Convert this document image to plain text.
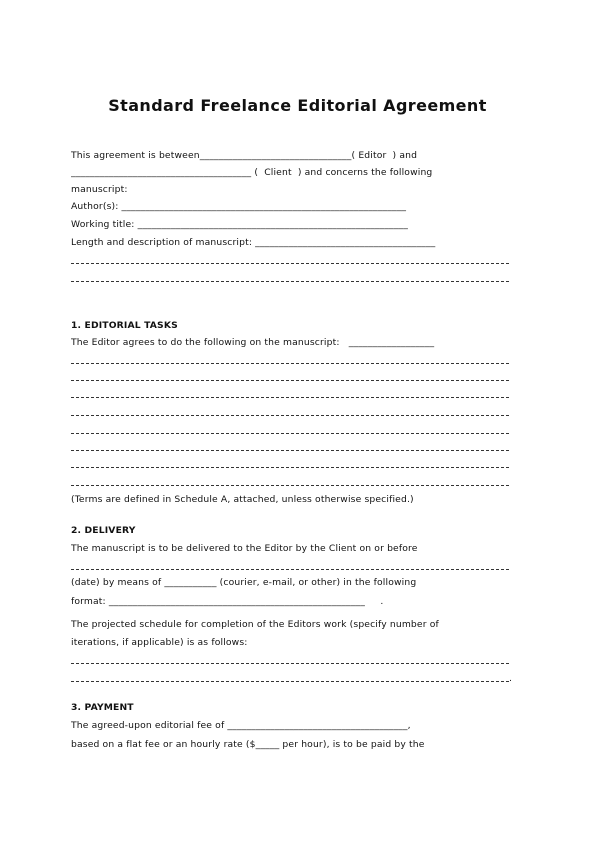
Standard Freelance Editorial Agreement
This agreement is between________________________________( Editor  ) and
______________________________________ (  Client  ) and concerns the following
manuscript:
Author(s): ____________________________________________________________
Working title: _________________________________________________________
Length and description of manuscript: ______________________________________
1. EDITORIAL TASKS
The Editor agrees to do the following on the manuscript:   __________________
(Terms are defined in Schedule A, attached, unless otherwise specified.)
2. DELIVERY
The manuscript is to be delivered to the Editor by the Client on or before
(date) by means of ___________ (courier, e-mail, or other) in the following
format: ______________________________________________________     .
The projected schedule for completion of the Editors work (specify number of
iterations, if applicable) is as follows:
.
3. PAYMENT
The agreed-upon editorial fee of ______________________________________,
based on a flat fee or an hourly rate ($_____ per hour), is to be paid by the
